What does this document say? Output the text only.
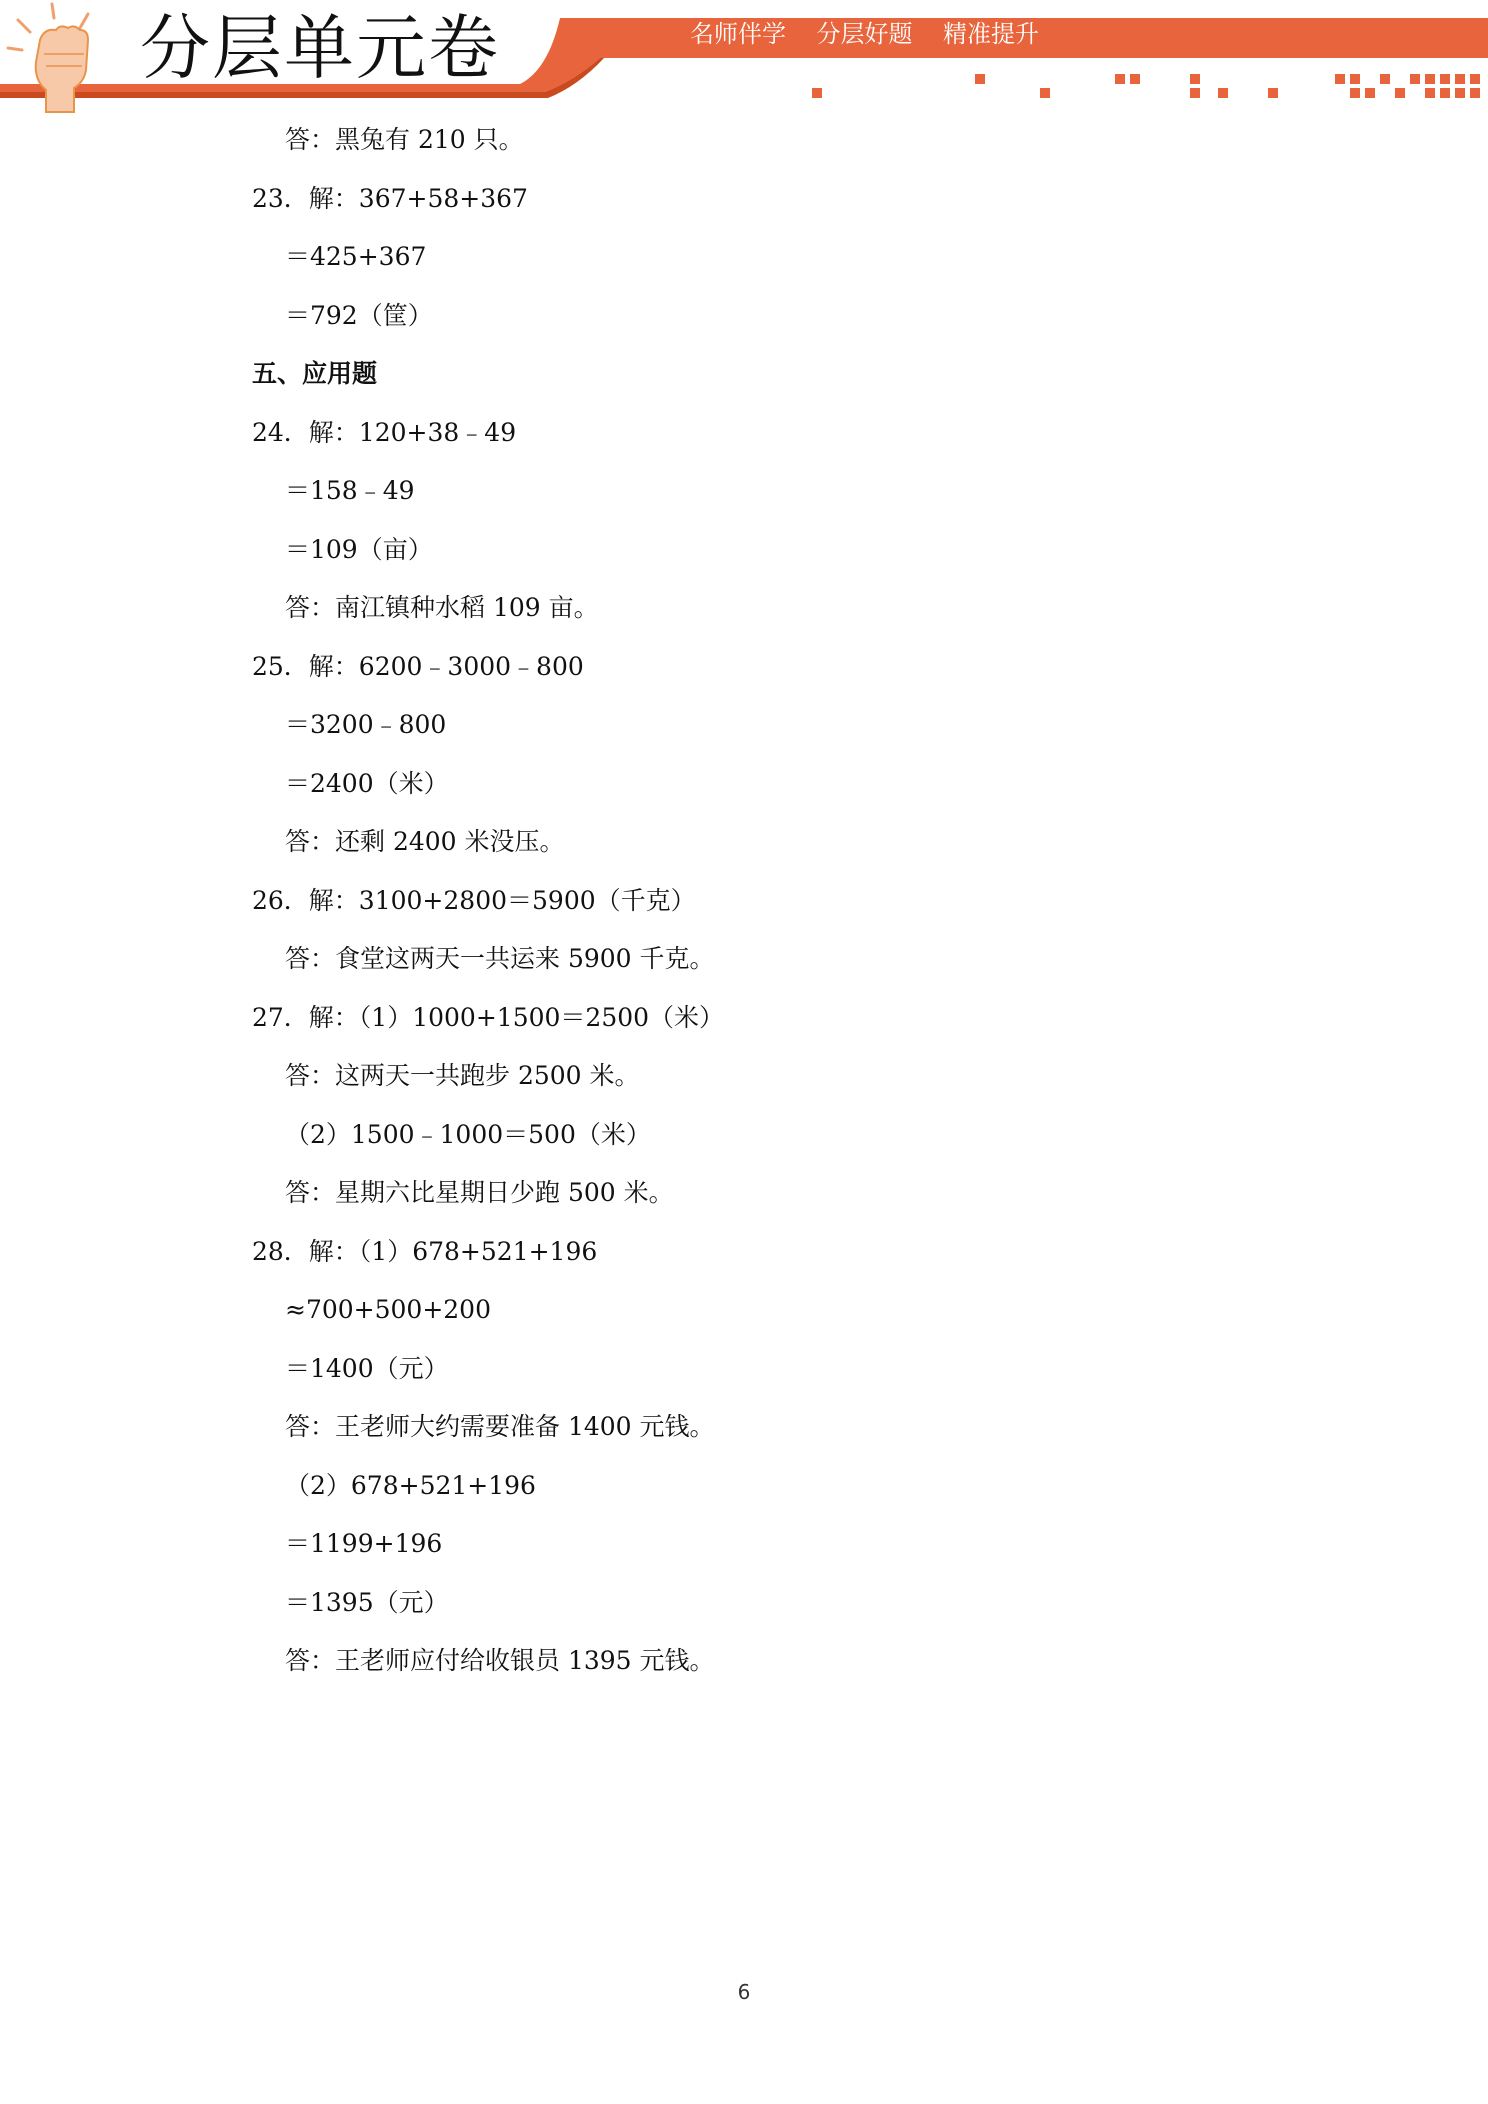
分层单元卷	名师伴学    分层好题    精准提升
答：黑兔有 210 只。
23．解：367+58+367
＝425+367
＝792（筐）
五、应用题
24．解：120+38﹣49
＝158﹣49
＝109（亩）
答：南江镇种水稻 109 亩。
25．解：6200﹣3000﹣800
＝3200﹣800
＝2400（米）
答：还剩 2400 米没压。
26．解：3100+2800＝5900（千克）
答：食堂这两天一共运来 5900 千克。
27．解：（1）1000+1500＝2500（米）
答：这两天一共跑步 2500 米。
（2）1500﹣1000＝500（米）
答：星期六比星期日少跑 500 米。
28．解：（1）678+521+196
≈700+500+200
＝1400（元）
答：王老师大约需要准备 1400 元钱。
（2）678+521+196
＝1199+196
＝1395（元）
答：王老师应付给收银员 1395 元钱。
6
